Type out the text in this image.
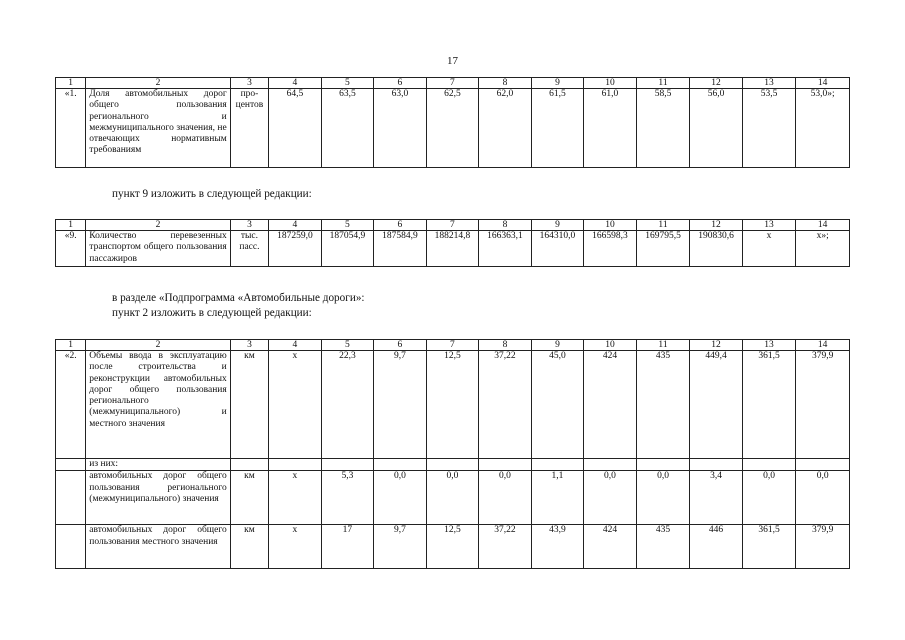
17
1	2	3	4	5	6	7	8	9	10	11	12	13	14
«1.	Доля автомобильных дорог общего пользования регионального и межмуниципального значения, не отвечающих нормативным требованиям	про-центов	64,5	63,5	63,0	62,5	62,0	61,5	61,0	58,5	56,0	53,5	53,0»;
пункт 9 изложить в следующей редакции:
1	2	3	4	5	6	7	8	9	10	11	12	13	14
«9.	Количество перевезенных транспортом общего пользования пассажиров	тыс. пасс.	187259,0	187054,9	187584,9	188214,8	166363,1	164310,0	166598,3	169795,5	190830,6	х	х»;
в разделе «Подпрограмма «Автомобильные дороги»:
пункт 2 изложить в следующей редакции:
1	2	3	4	5	6	7	8	9	10	11	12	13	14
«2.	Объемы ввода в эксплуатацию после строительства и реконструкции автомобильных дорог общего пользования регионального (межмуниципального) и местного значения	км	х	22,3	9,7	12,5	37,22	45,0	424	435	449,4	361,5	379,9
	из них:												
	автомобильных дорог общего пользования регионального (межмуниципального) значения	км	х	5,3	0,0	0,0	0,0	1,1	0,0	0,0	3,4	0,0	0,0
	автомобильных дорог общего пользования местного значения	км	х	17	9,7	12,5	37,22	43,9	424	435	446	361,5	379,9
